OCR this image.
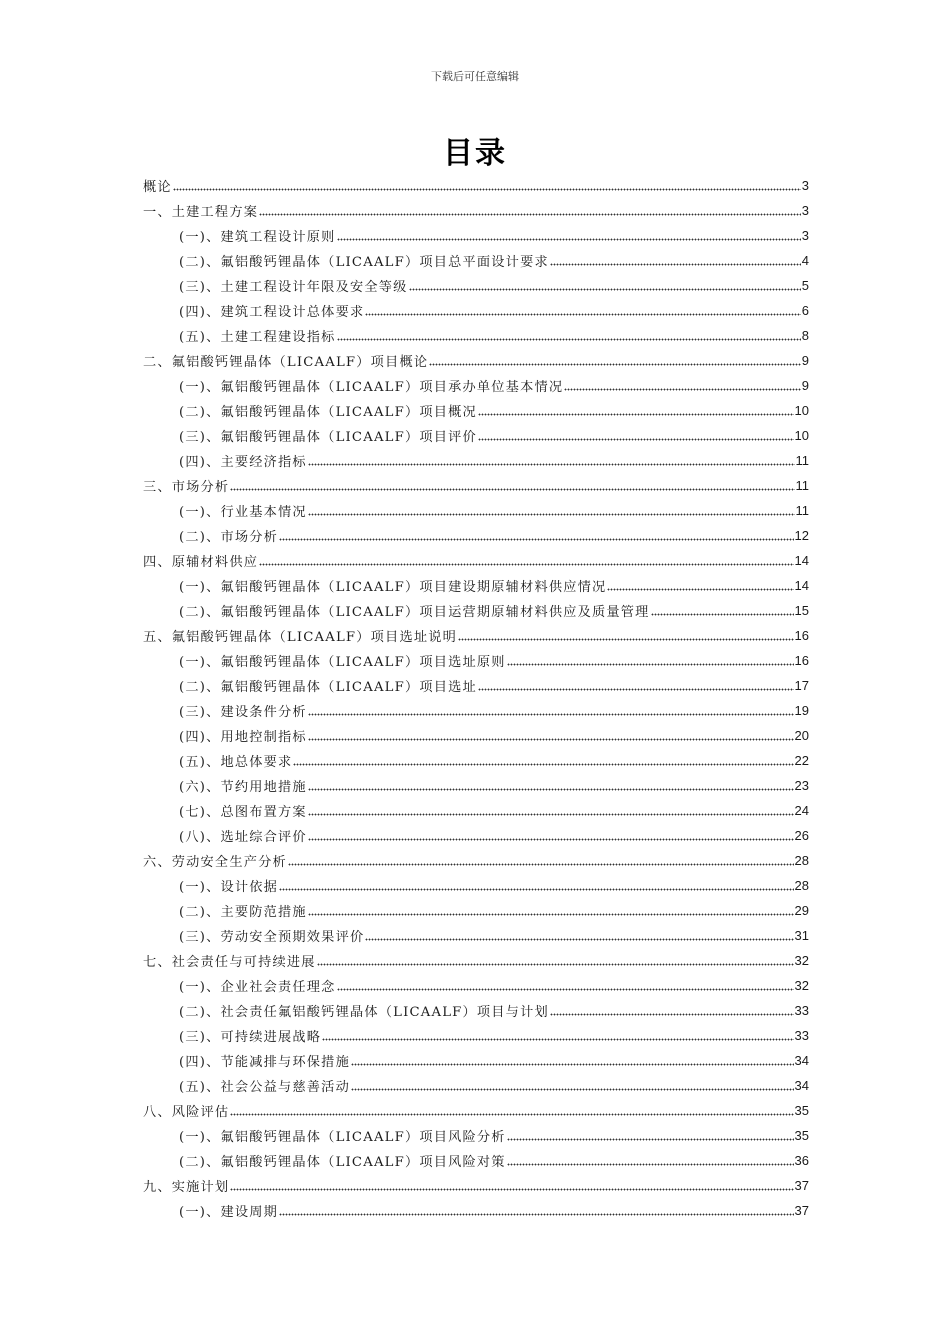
下载后可任意编辑
目录
概论	3
一、土建工程方案	3
(一)、建筑工程设计原则	3
(二)、氟铝酸钙锂晶体（LICAALF）项目总平面设计要求	4
(三)、土建工程设计年限及安全等级	5
(四)、建筑工程设计总体要求	6
(五)、土建工程建设指标	8
二、氟铝酸钙锂晶体（LICAALF）项目概论	9
(一)、氟铝酸钙锂晶体（LICAALF）项目承办单位基本情况	9
(二)、氟铝酸钙锂晶体（LICAALF）项目概况	10
(三)、氟铝酸钙锂晶体（LICAALF）项目评价	10
(四)、主要经济指标	11
三、市场分析	11
(一)、行业基本情况	11
(二)、市场分析	12
四、原辅材料供应	14
(一)、氟铝酸钙锂晶体（LICAALF）项目建设期原辅材料供应情况	14
(二)、氟铝酸钙锂晶体（LICAALF）项目运营期原辅材料供应及质量管理	15
五、氟铝酸钙锂晶体（LICAALF）项目选址说明	16
(一)、氟铝酸钙锂晶体（LICAALF）项目选址原则	16
(二)、氟铝酸钙锂晶体（LICAALF）项目选址	17
(三)、建设条件分析	19
(四)、用地控制指标	20
(五)、地总体要求	22
(六)、节约用地措施	23
(七)、总图布置方案	24
(八)、选址综合评价	26
六、劳动安全生产分析	28
(一)、设计依据	28
(二)、主要防范措施	29
(三)、劳动安全预期效果评价	31
七、社会责任与可持续进展	32
(一)、企业社会责任理念	32
(二)、社会责任氟铝酸钙锂晶体（LICAALF）项目与计划	33
(三)、可持续进展战略	33
(四)、节能减排与环保措施	34
(五)、社会公益与慈善活动	34
八、风险评估	35
(一)、氟铝酸钙锂晶体（LICAALF）项目风险分析	35
(二)、氟铝酸钙锂晶体（LICAALF）项目风险对策	36
九、实施计划	37
(一)、建设周期	37
